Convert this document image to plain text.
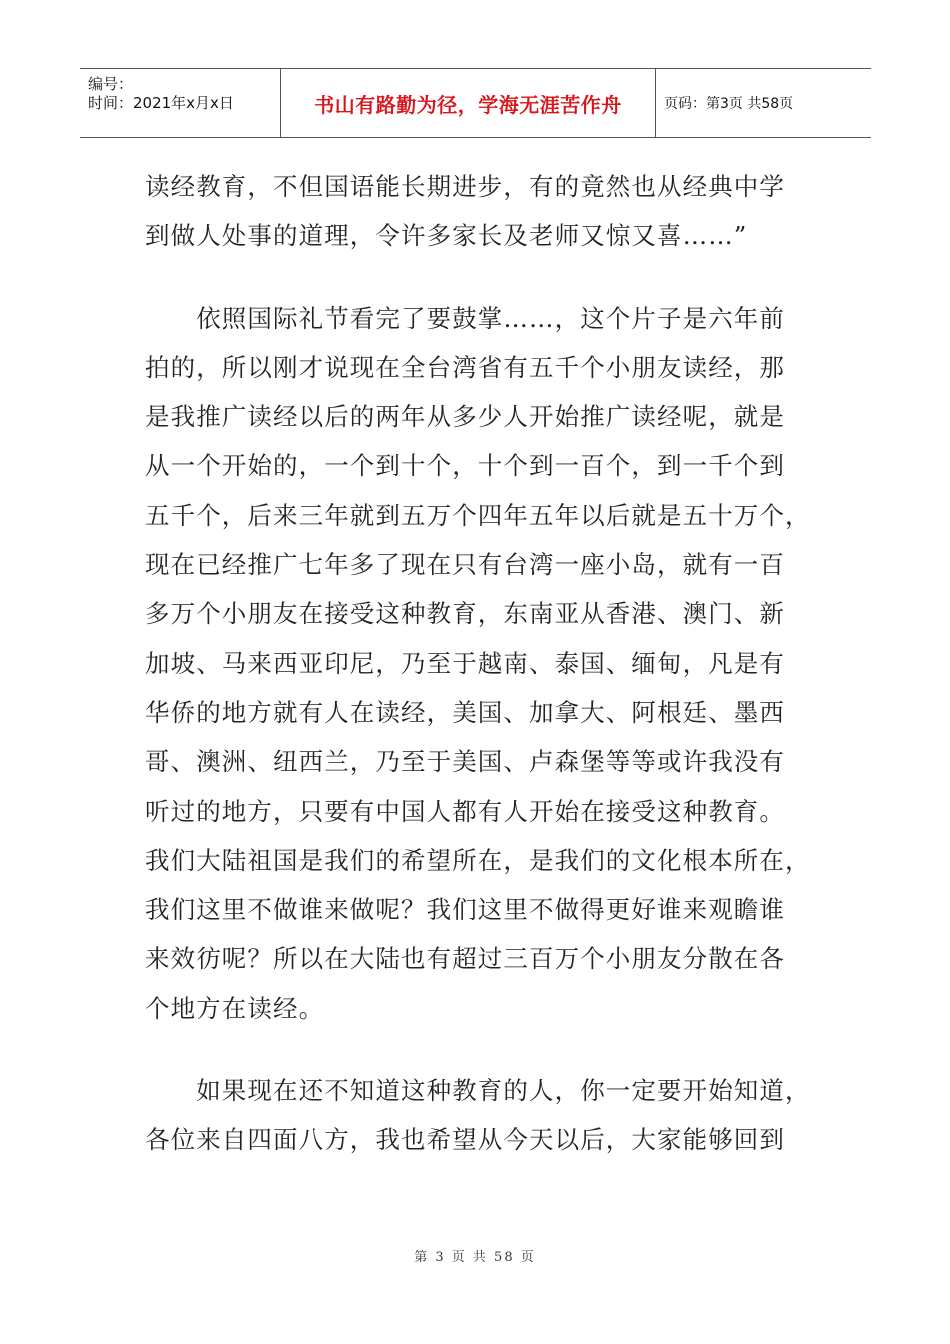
编号：
时间：2021年x月x日	书山有路勤为径，学海无涯苦作舟	页码：第3页 共58页
读经教育，不但国语能长期进步，有的竟然也从经典中学
到做人处事的道理，令许多家长及老师又惊又喜……”
　　依照国际礼节看完了要鼓掌……，这个片子是六年前
拍的，所以刚才说现在全台湾省有五千个小朋友读经，那
是我推广读经以后的两年从多少人开始推广读经呢，就是
从一个开始的，一个到十个，十个到一百个，到一千个到
五千个，后来三年就到五万个四年五年以后就是五十万个，
现在已经推广七年多了现在只有台湾一座小岛，就有一百
多万个小朋友在接受这种教育，东南亚从香港、澳门、新
加坡、马来西亚印尼，乃至于越南、泰国、缅甸，凡是有
华侨的地方就有人在读经，美国、加拿大、阿根廷、墨西
哥、澳洲、纽西兰，乃至于美国、卢森堡等等或许我没有
听过的地方，只要有中国人都有人开始在接受这种教育。
我们大陆祖国是我们的希望所在，是我们的文化根本所在，
我们这里不做谁来做呢？我们这里不做得更好谁来观瞻谁
来效彷呢？所以在大陆也有超过三百万个小朋友分散在各
个地方在读经。
　　如果现在还不知道这种教育的人，你一定要开始知道，
各位来自四面八方，我也希望从今天以后，大家能够回到
第 3 页 共 58 页
